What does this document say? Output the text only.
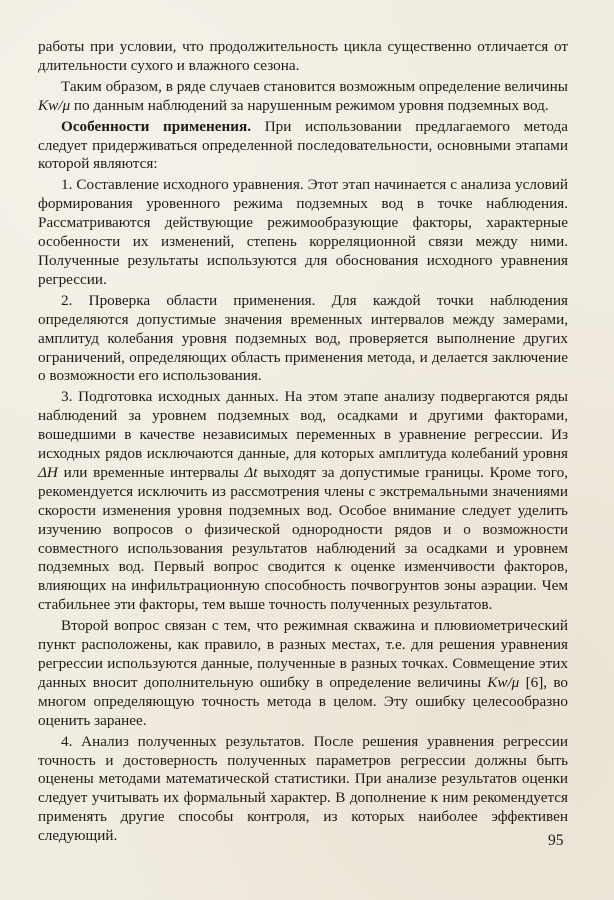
работы при условии, что продолжительность цикла существенно отличается от длительности сухого и влажного сезона.

Таким образом, в ряде случаев становится возможным определение величины Kw/μ по данным наблюдений за нарушенным режимом уровня подземных вод.

Особенности применения. При использовании предлагаемого метода следует придерживаться определенной последовательности, основными этапами которой являются:

1. Составление исходного уравнения. Этот этап начинается с анализа условий формирования уровенного режима подземных вод в точке наблюдения. Рассматриваются действующие режимообразующие факторы, характерные особенности их изменений, степень корреляционной связи между ними. Полученные результаты используются для обоснования исходного уравнения регрессии.

2. Проверка области применения. Для каждой точки наблюдения определяются допустимые значения временных интервалов между замерами, амплитуд колебания уровня подземных вод, проверяется выполнение других ограничений, определяющих область применения метода, и делается заключение о возможности его использования.

3. Подготовка исходных данных. На этом этапе анализу подвергаются ряды наблюдений за уровнем подземных вод, осадками и другими факторами, вошедшими в качестве независимых переменных в уравнение регрессии. Из исходных рядов исключаются данные, для которых амплитуда колебаний уровня ΔH или временные интервалы Δt выходят за допустимые границы. Кроме того, рекомендуется исключить из рассмотрения члены с экстремальными значениями скорости изменения уровня подземных вод. Особое внимание следует уделить изучению вопросов о физической однородности рядов и о возможности совместного использования результатов наблюдений за осадками и уровнем подземных вод. Первый вопрос сводится к оценке изменчивости факторов, влияющих на инфильтрационную способность почвогрунтов зоны аэрации. Чем стабильнее эти факторы, тем выше точность полученных результатов.

Второй вопрос связан с тем, что режимная скважина и плювиометрический пункт расположены, как правило, в разных местах, т.е. для решения уравнения регрессии используются данные, полученные в разных точках. Совмещение этих данных вносит дополнительную ошибку в определение величины Kw/μ [6], во многом определяющую точность метода в целом. Эту ошибку целесообразно оценить заранее.

4. Анализ полученных результатов. После решения уравнения регрессии точность и достоверность полученных параметров регрессии должны быть оценены методами математической статистики. При анализе результатов оценки следует учитывать их формальный характер. В дополнение к ним рекомендуется применять другие способы контроля, из которых наиболее эффективен следующий.	95
